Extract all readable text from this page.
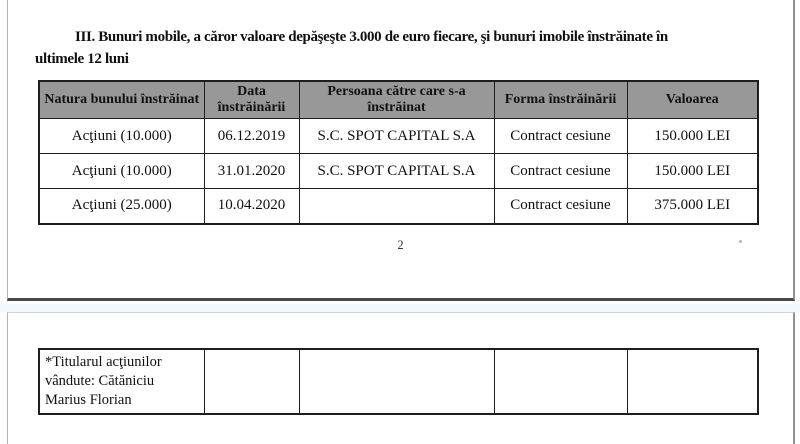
III. Bunuri mobile, a căror valoare depăşeşte 3.000 de euro fiecare, şi bunuri imobile înstrăinate în
ultimele 12 luni
Natura bunului înstrăinat	Data înstrăinării	Persoana către care s-a înstrăinat	Forma înstrăinării	Valoarea
Acţiuni (10.000)	06.12.2019	S.C. SPOT CAPITAL S.A	Contract cesiune	150.000 LEI
Acţiuni (10.000)	31.01.2020	S.C. SPOT CAPITAL S.A	Contract cesiune	150.000 LEI
Acţiuni (25.000)	10.04.2020		Contract cesiune	375.000 LEI
2
*Titularul acţiunilor
vândute: Cătăniciu
Marius Florian
